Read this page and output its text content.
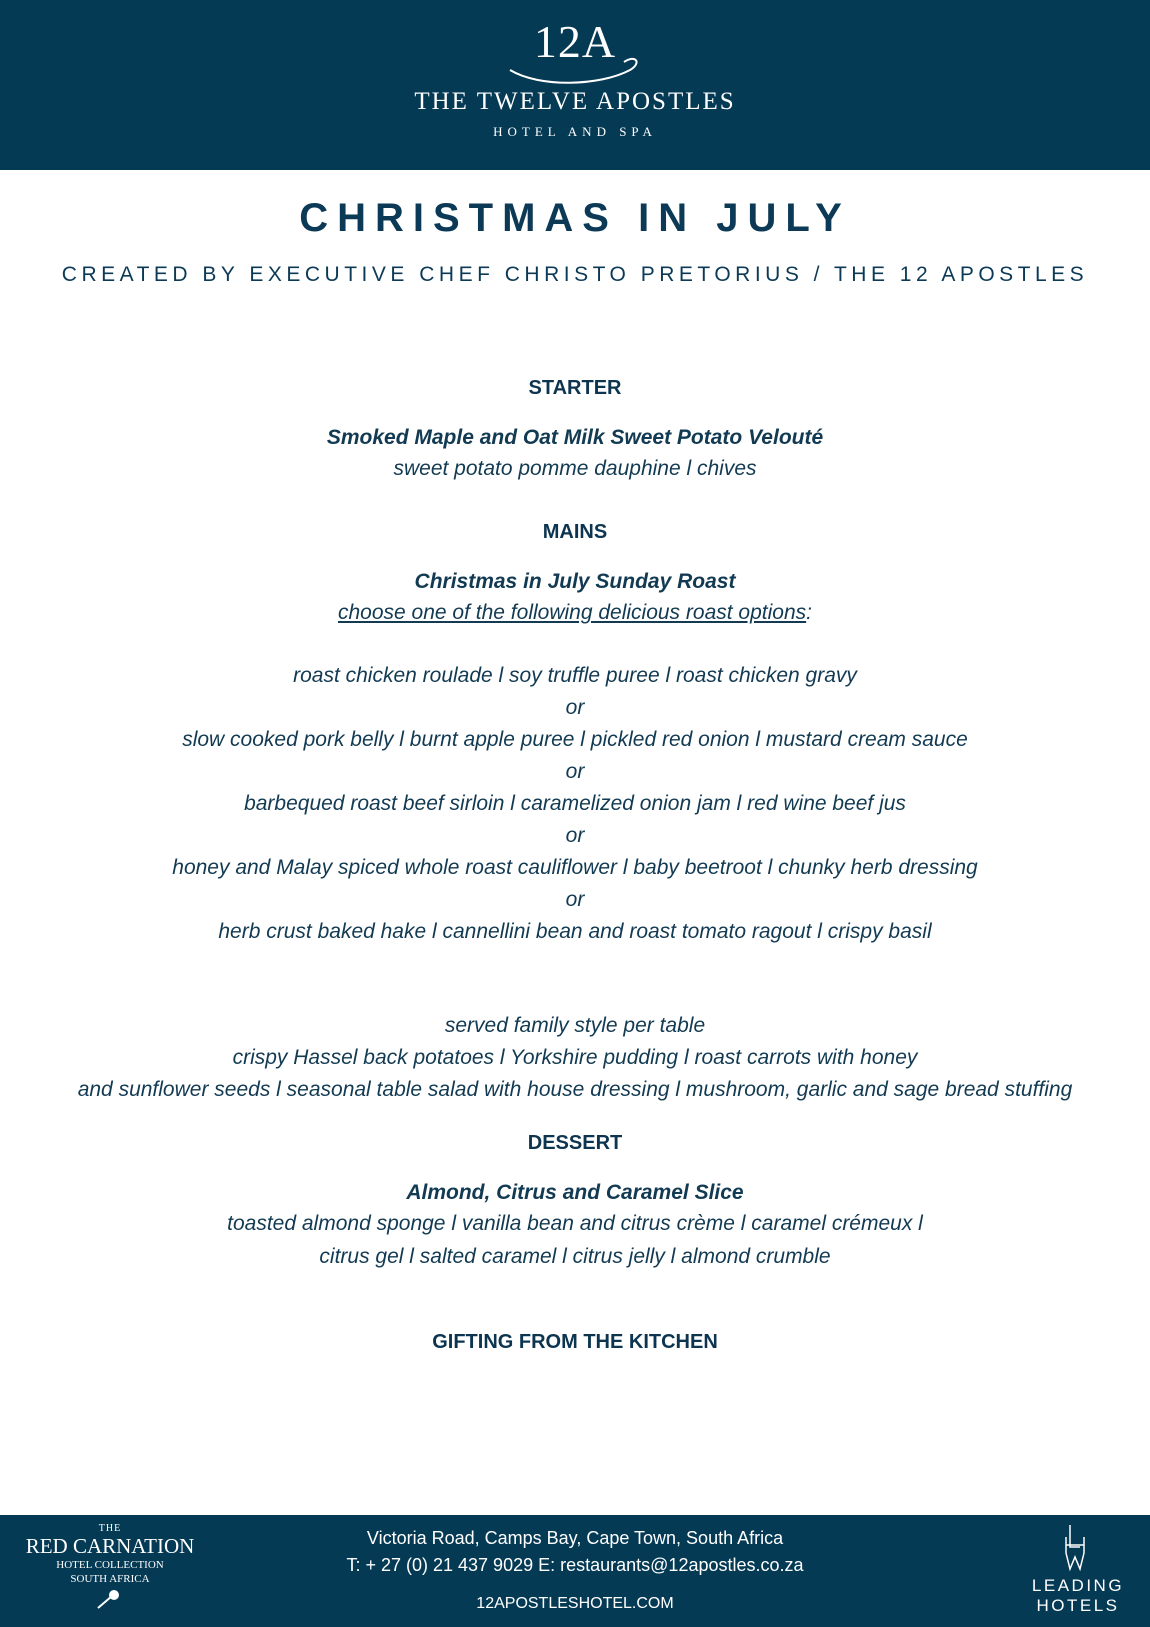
12A
THE TWELVE APOSTLES
HOTEL AND SPA
CHRISTMAS IN JULY
CREATED BY EXECUTIVE CHEF CHRISTO PRETORIUS / THE 12 APOSTLES

STARTER

Smoked Maple and Oat Milk Sweet Potato Velouté

sweet potato pomme dauphine l chives

MAINS

Christmas in July Sunday Roast

choose one of the following delicious roast options:

roast chicken roulade l soy truffle puree l roast chicken gravy

or

slow cooked pork belly l burnt apple puree l pickled red onion l mustard cream sauce

or

barbequed roast beef sirloin l caramelized onion jam l red wine beef jus

or

honey and Malay spiced whole roast cauliflower l baby beetroot l chunky herb dressing

or

herb crust baked hake l cannellini bean and roast tomato ragout l crispy basil

served family style per table

crispy Hassel back potatoes l Yorkshire pudding l roast carrots with honey

and sunflower seeds l seasonal table salad with house dressing l mushroom, garlic and sage bread stuffing

DESSERT

Almond, Citrus and Caramel Slice

toasted almond sponge l vanilla bean and citrus crème l caramel crémeux l

citrus gel l salted caramel l citrus jelly l almond crumble

GIFTING FROM THE KITCHEN

THE
RED CARNATION
HOTEL COLLECTION
SOUTH AFRICA
Victoria Road, Camps Bay, Cape Town, South Africa
T: + 27 (0) 21 437 9029 E: restaurants@12apostles.co.za
12APOSTLESHOTEL.COM
LEADING
HOTELS
